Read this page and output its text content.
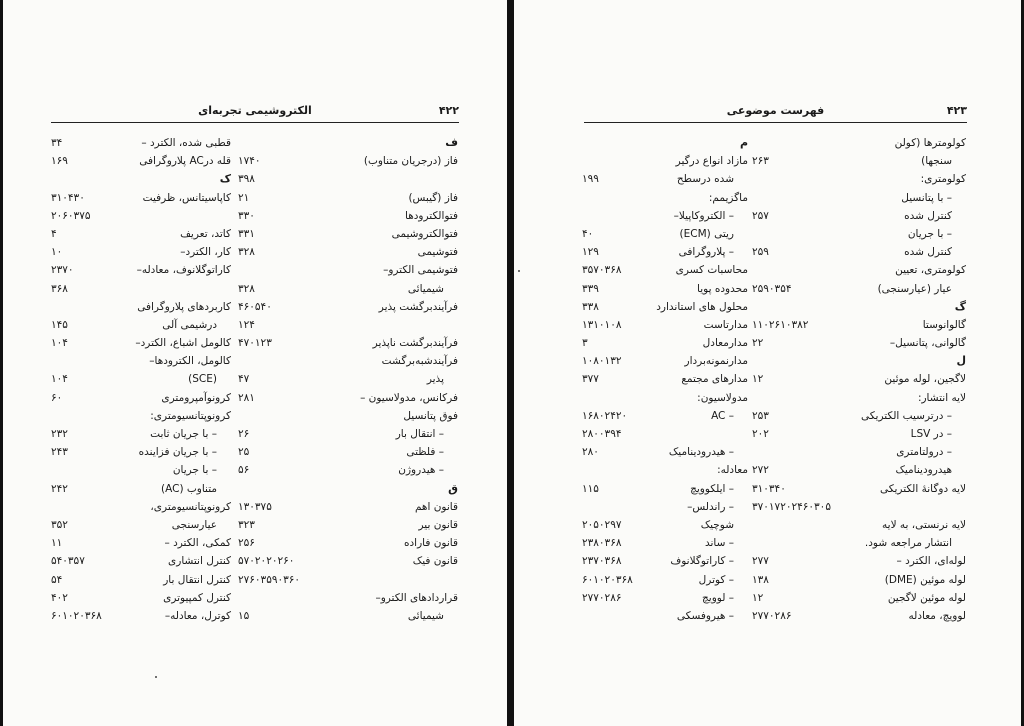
۴۲۲
الکتروشیمی تجربه‌ای
ف
فاز (درجریان متناوب)
۱۷۴۰
۳۹۸
فاز (گیبس)
۲۱
فتوالکترودها
۳۳۰
فتوالکتروشیمی
۳۳۱
فتوشیمی
۳۲۸
فتوشیمی الکترو–
شیمیائی
۳۲۸
فرآیندبرگشت پذیر
۴۶۰۵۴۰
۱۲۴
فرآیندبرگشت ناپذیر
۴۷۰۱۲۳
فرآیندشبه‌برگشت
پذیر
۴۷
فرکانس، مدولاسیون –
۲۸۱
فوق پتانسیل
– انتقال بار
۲۶
– فلظتی
۲۵
– هیدروژن
۵۶
ق
قانون اهم
۱۳۰۳۷۵
قانون بیر
۳۲۳
قانون فاراده
۲۵۶
قانون فیک
۵۷۰۲۰۲۰۲۶۰
۲۷۶۰۳۵۹۰۳۶۰
قراردادهای الکترو–
شیمیائی
۱۵
قطبی شده، الکترد –
۳۴
قله درAC پلاروگرافی
۱۶۹
ک
کاپاسیتانس، ظرفیت
۳۱۰۴۳۰
۲۰۶۰۳۷۵
کاتد، تعریف
۴
کار، الکترد–
۱۰
کاراتوگلانوف، معادله–
۲۳۷۰
۳۶۸
کاربردهای پلاروگرافی
درشیمی آلی
۱۴۵
کالومل اشباع، الکترد–
۱۰۴
کالومل، الکترودها–
(SCE)
۱۰۴
کرونوآمپرومتری
۶۰
کرونوپتانسیومتری:
– با جریان ثابت
۲۳۲
– با جریان فزاینده
۲۴۳
– با جریان
متناوب (AC)
۲۴۲
کرونوپتانسیومتری،
عیارسنجی
۳۵۲
کمکی، الکترد –
۱۱
کنترل انتشاری
۵۴۰۳۵۷
کنترل انتقال بار
۵۴
کنترل کمپیوتری
۴۰۲
کوترل، معادله–
۶۰۱۰۲۰۳۶۸
۴۲۳
فهرست موضوعی
کولومترها (کولن
سنجها)
۲۶۳
کولومتری:
– با پتانسیل
کنترل شده
۲۵۷
– با جریان
کنترل شده
۲۵۹
کولومتری، تعیین
عیار (عیارسنجی)
۲۵۹۰۳۵۴
گ
گالوانوستا
۱۱۰۲۶۱۰۳۸۲
گالوانی، پتانسیل–
۲۲
ل
لاگجین، لوله موئین
۱۲
لایه انتشار:
– درترسیب الکتریکی
۲۵۳
– در LSV
۲۰۲
– درولتامتری
هیدرودینامیک
۲۷۲
لایه دوگانهٔ الکتریکی
۳۱۰۳۴۰
۳۷۰۱۷۲۰۲۴۶۰۳۰۵
لایه نرنستی، به لایه
انتشار مراجعه شود.
لوله‌ای، الکترد –
۲۷۷
لوله موئین (DME)
۱۳۸
لوله موئین لاگجین
۱۲
لوویچ، معادله
۲۷۷۰۲۸۶
م
مازاد انواع درگیر
شده درسطح
۱۹۹
ماگزیمم:
– الکتروکاپیلا–
ریتی (ECM)
۴۰
– پلاروگرافی
۱۲۹
محاسبات کسری
۳۵۷۰۳۶۸
محدوده پویا
۳۳۹
محلول های استاندارد
۳۳۸
مدارتاست
۱۳۱۰۱۰۸
مدارمعادل
۳
مدارنمونه‌بردار
۱۰۸۰۱۳۲
مدارهای مجتمع
۳۷۷
مدولاسیون:
– AC
۱۶۸۰۲۴۲۰
۲۸۰۰۳۹۴
– هیدرودینامیک
۲۸۰
معادله:
– ایلکوویچ
۱۱۵
– راندلس–
شوچیک
۲۰۵۰۲۹۷
– ساند
۲۳۸۰۳۶۸
– کاراتوگلانوف
۲۳۷۰۳۶۸
– کوترل
۶۰۱۰۲۰۳۶۸
– لوویچ
۲۷۷۰۲۸۶
– هیروفسکی
